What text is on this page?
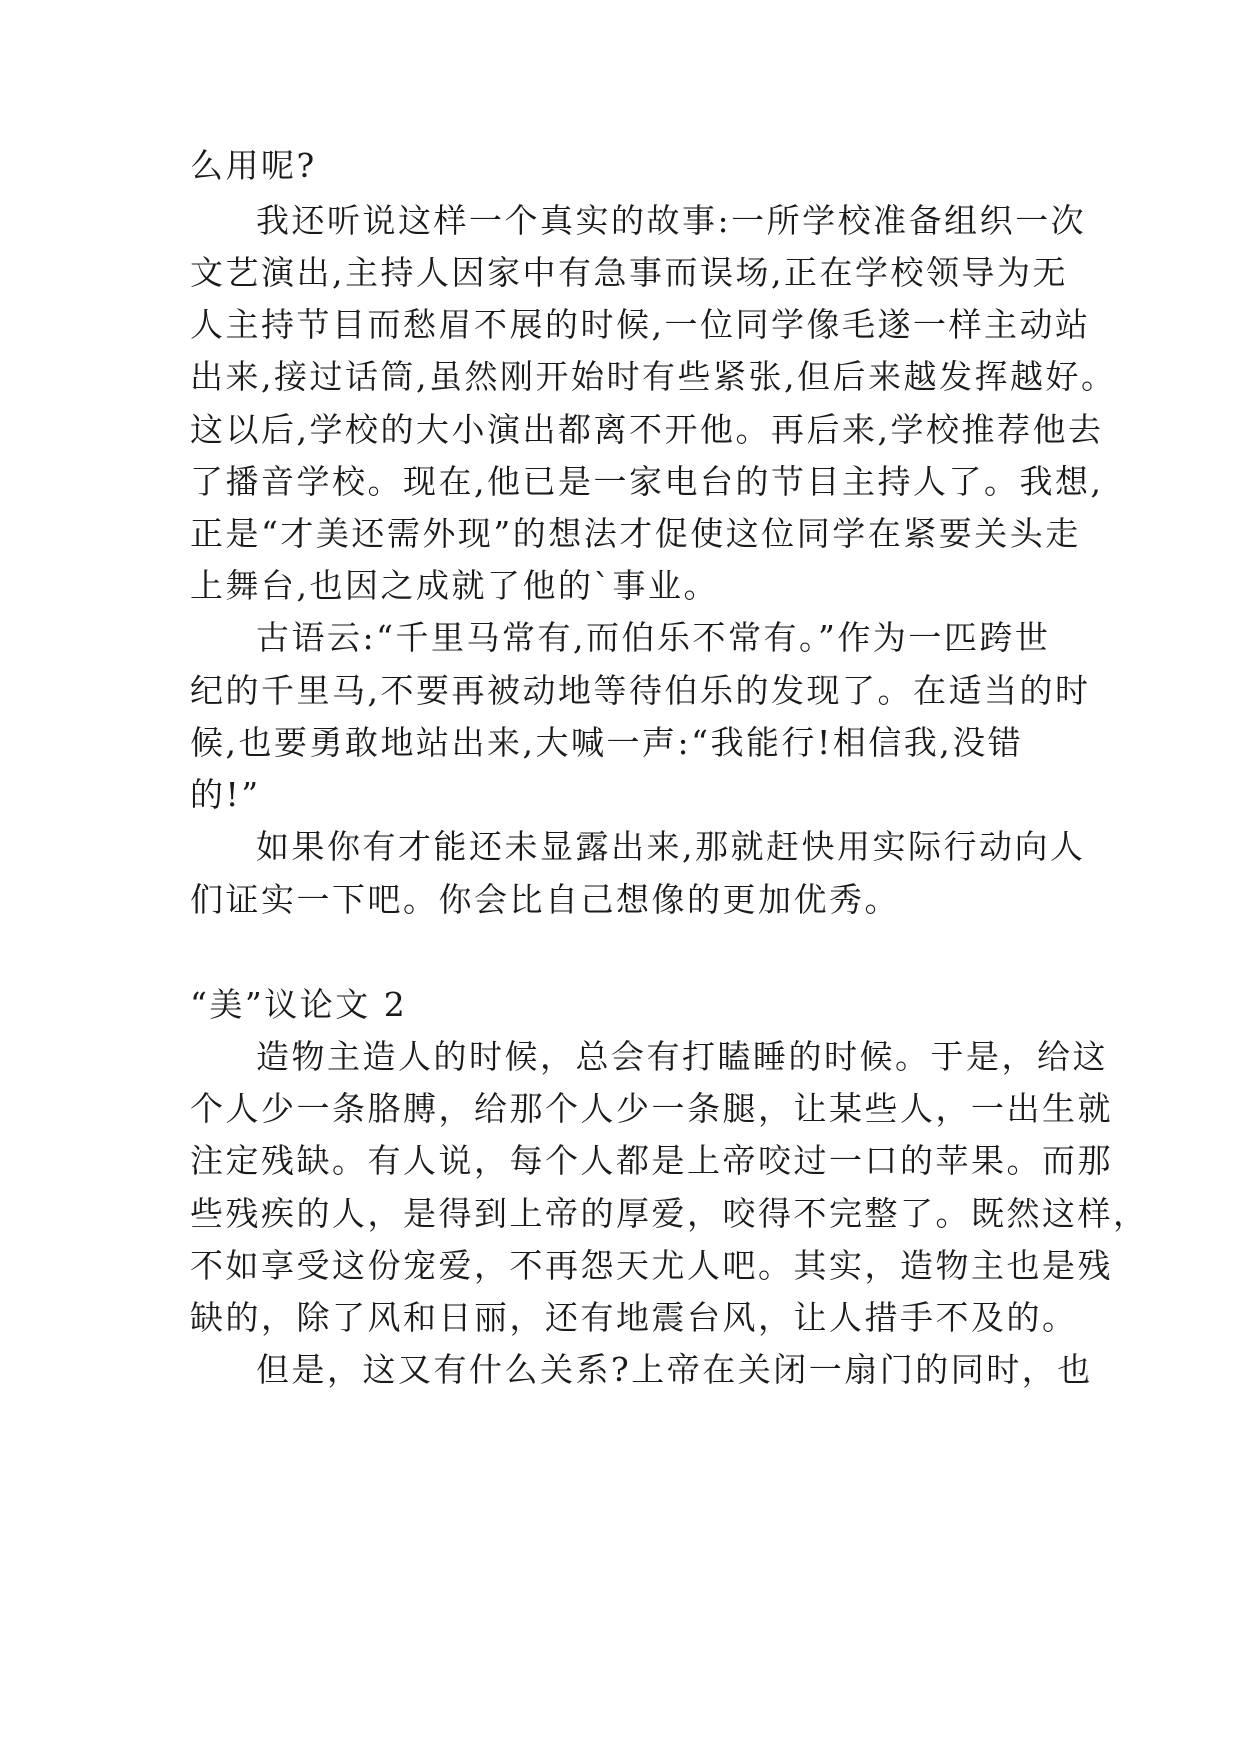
么用呢?

我还听说这样一个真实的故事:一所学校准备组织一次

文艺演出,主持人因家中有急事而误场,正在学校领导为无

人主持节目而愁眉不展的时候,一位同学像毛遂一样主动站

出来,接过话筒,虽然刚开始时有些紧张,但后来越发挥越好。

这以后,学校的大小演出都离不开他。再后来,学校推荐他去

了播音学校。现在,他已是一家电台的节目主持人了。我想,

正是“才美还需外现”的想法才促使这位同学在紧要关头走

上舞台,也因之成就了他的`事业。

古语云:“千里马常有,而伯乐不常有。”作为一匹跨世

纪的千里马,不要再被动地等待伯乐的发现了。在适当的时

候,也要勇敢地站出来,大喊一声:“我能行!相信我,没错

的!”

如果你有才能还未显露出来,那就赶快用实际行动向人

们证实一下吧。你会比自己想像的更加优秀。

“美”议论文 2

造物主造人的时候，总会有打瞌睡的时候。于是，给这

个人少一条胳膊，给那个人少一条腿，让某些人，一出生就

注定残缺。有人说，每个人都是上帝咬过一口的苹果。而那

些残疾的人，是得到上帝的厚爱，咬得不完整了。既然这样，

不如享受这份宠爱，不再怨天尤人吧。其实，造物主也是残

缺的，除了风和日丽，还有地震台风，让人措手不及的。

但是，这又有什么关系?上帝在关闭一扇门的同时，也
